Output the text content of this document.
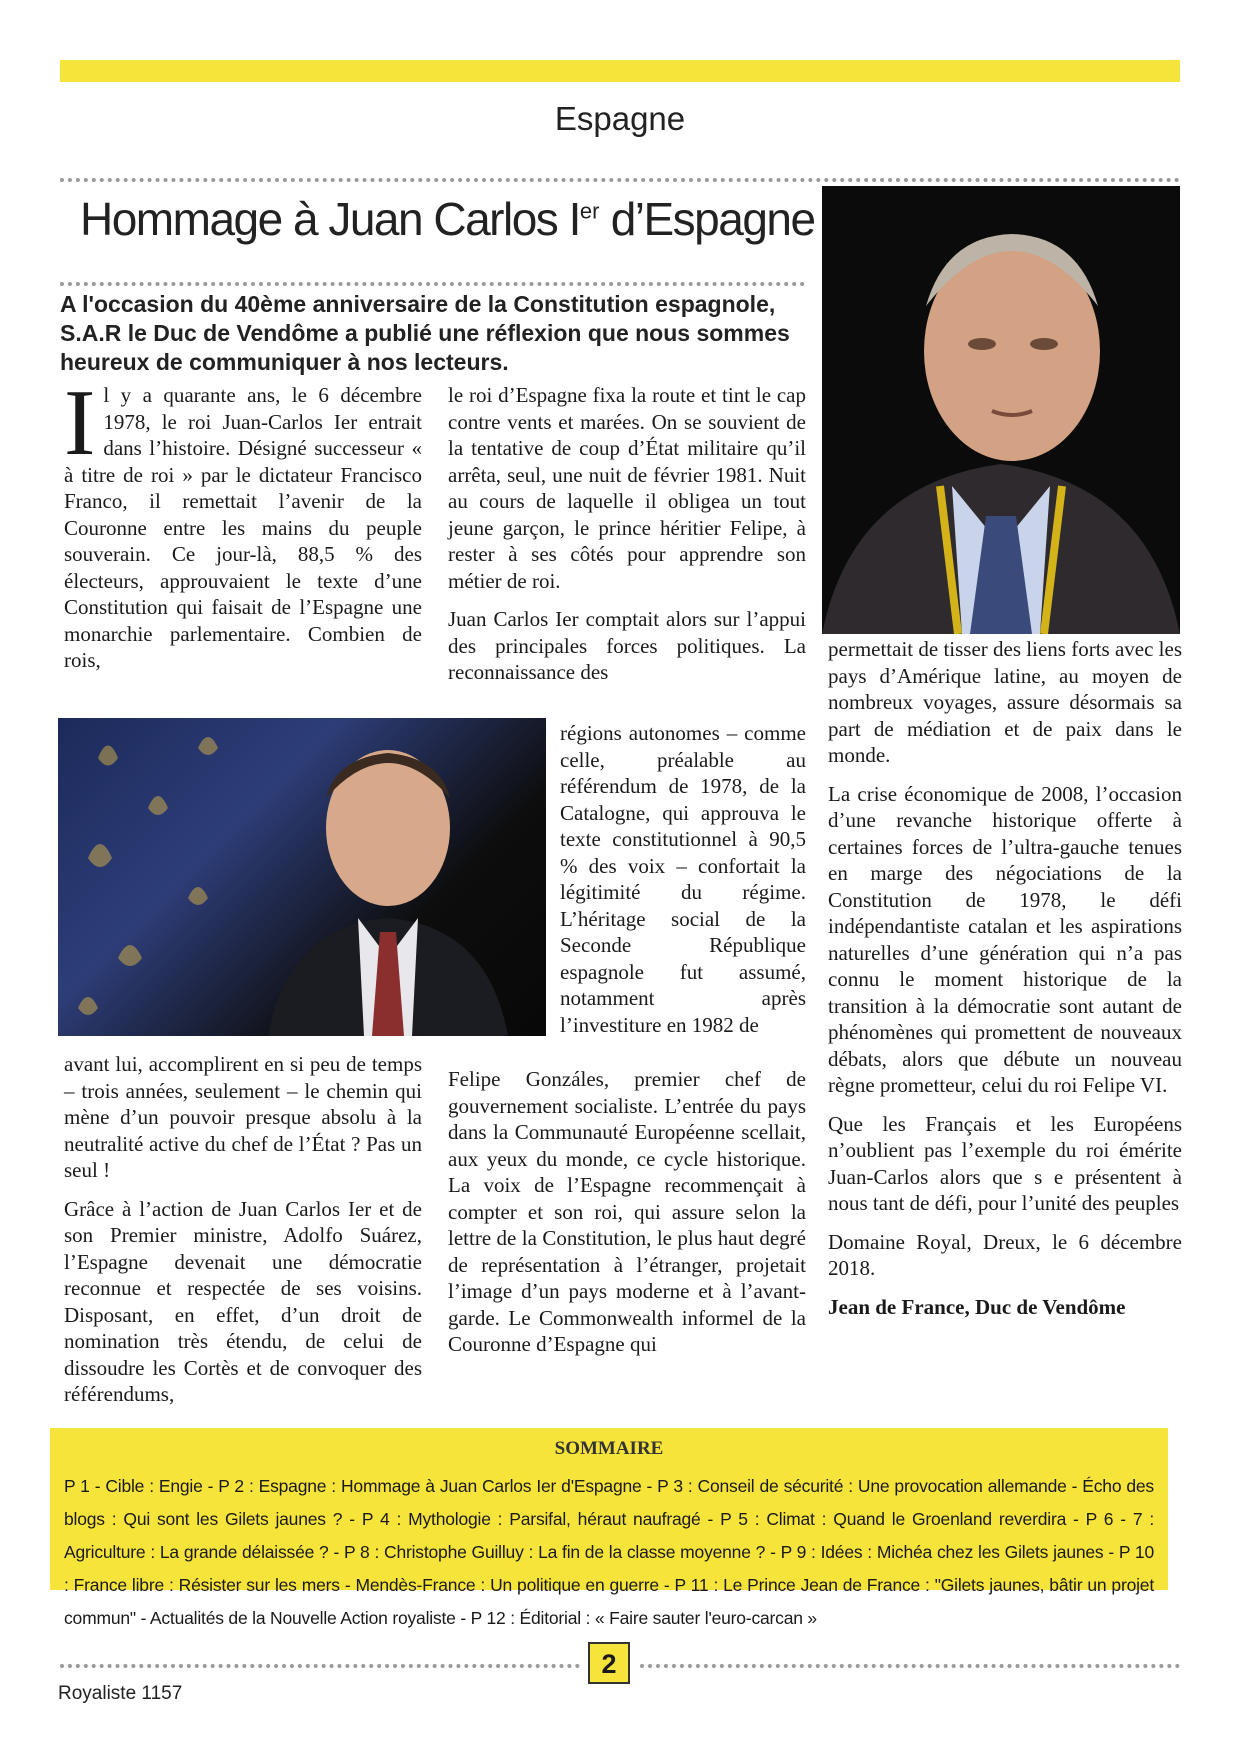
Espagne
Hommage à Juan Carlos Ier d’Espagne
A l'occasion du 40ème anniversaire de la Constitution espagnole, S.A.R le Duc de Vendôme a publié une réflexion que nous sommes heureux de communiquer à nos lecteurs.

Il y a quarante ans, le 6 décembre 1978, le roi Juan-Carlos Ier entrait dans l’histoire. Désigné successeur « à titre de roi » par le dictateur Francisco Franco, il remettait l’avenir de la Couronne entre les mains du peuple souverain. Ce jour-là, 88,5 % des électeurs, approuvaient le texte d’une Constitution qui faisait de l’Espagne une monarchie parlementaire. Combien de rois,

avant lui, accomplirent en si peu de temps – trois années, seulement – le chemin qui mène d’un pouvoir presque absolu à la neutralité active du chef de l’État ? Pas un seul !

Grâce à l’action de Juan Carlos Ier et de son Premier ministre, Adolfo Suárez, l’Espagne devenait une démocratie reconnue et respectée de ses voisins. Disposant, en effet, d’un droit de nomination très étendu, de celui de dissoudre les Cortès et de convoquer des référendums,

le roi d’Espagne fixa la route et tint le cap contre vents et marées. On se souvient de la tentative de coup d’État militaire qu’il arrêta, seul, une nuit de février 1981. Nuit au cours de laquelle il obligea un tout jeune garçon, le prince héritier Felipe, à rester à ses côtés pour apprendre son métier de roi.

Juan Carlos Ier comptait alors sur l’appui des principales forces politiques. La reconnaissance des

régions autonomes – comme celle, préalable au référendum de 1978, de la Catalogne, qui approuva le texte constitutionnel à 90,5 % des voix – confortait la légitimité du régime. L’héritage social de la Seconde République espagnole fut assumé, notamment après l’investiture en 1982 de

Felipe Gonzáles, premier chef de gouvernement socialiste. L’entrée du pays dans la Communauté Européenne scellait, aux yeux du monde, ce cycle historique. La voix de l’Espagne recommençait à compter et son roi, qui assure selon la lettre de la Constitution, le plus haut degré de représentation à l’étranger, projetait l’image d’un pays moderne et à l’avant-garde. Le Commonwealth informel de la Couronne d’Espagne qui

permettait de tisser des liens forts avec les pays d’Amérique latine, au moyen de nombreux voyages, assure désormais sa part de médiation et de paix dans le monde.

La crise économique de 2008, l’occasion d’une revanche historique offerte à certaines forces de l’ultra-gauche tenues en marge des négociations de la Constitution de 1978, le défi indépendantiste catalan et les aspirations naturelles d’une génération qui n’a pas connu le moment historique de la transition à la démocratie sont autant de phénomènes qui promettent de nouveaux débats, alors que débute un nouveau règne prometteur, celui du roi Felipe VI.

Que les Français et les Européens n’oublient pas l’exemple du roi émérite Juan-Carlos alors que s e présentent à nous tant de défi, pour l’unité des peuples

Domaine Royal, Dreux, le 6 décembre 2018.

Jean de France, Duc de Vendôme

SOMMAIRE
P 1 - Cible : Engie - P 2 : Espagne : Hommage à Juan Carlos Ier d'Espagne - P 3 : Conseil de sécurité : Une provocation allemande - Écho des blogs : Qui sont les Gilets jaunes ? - P 4 : Mythologie : Parsifal, héraut naufragé - P 5 : Climat : Quand le Groenland reverdira - P 6 - 7 : Agriculture : La grande délaissée ? - P 8 : Christophe Guilluy : La fin de la classe moyenne ? - P 9 : Idées : Michéa chez les Gilets jaunes - P 10 : France libre : Résister sur les mers - Mendès-France : Un politique en guerre - P 11 : Le Prince Jean de France : "Gilets jaunes, bâtir un projet commun" - Actualités de la Nouvelle Action royaliste - P 12 : Éditorial : « Faire sauter l'euro-carcan »
2
Royaliste 1157
